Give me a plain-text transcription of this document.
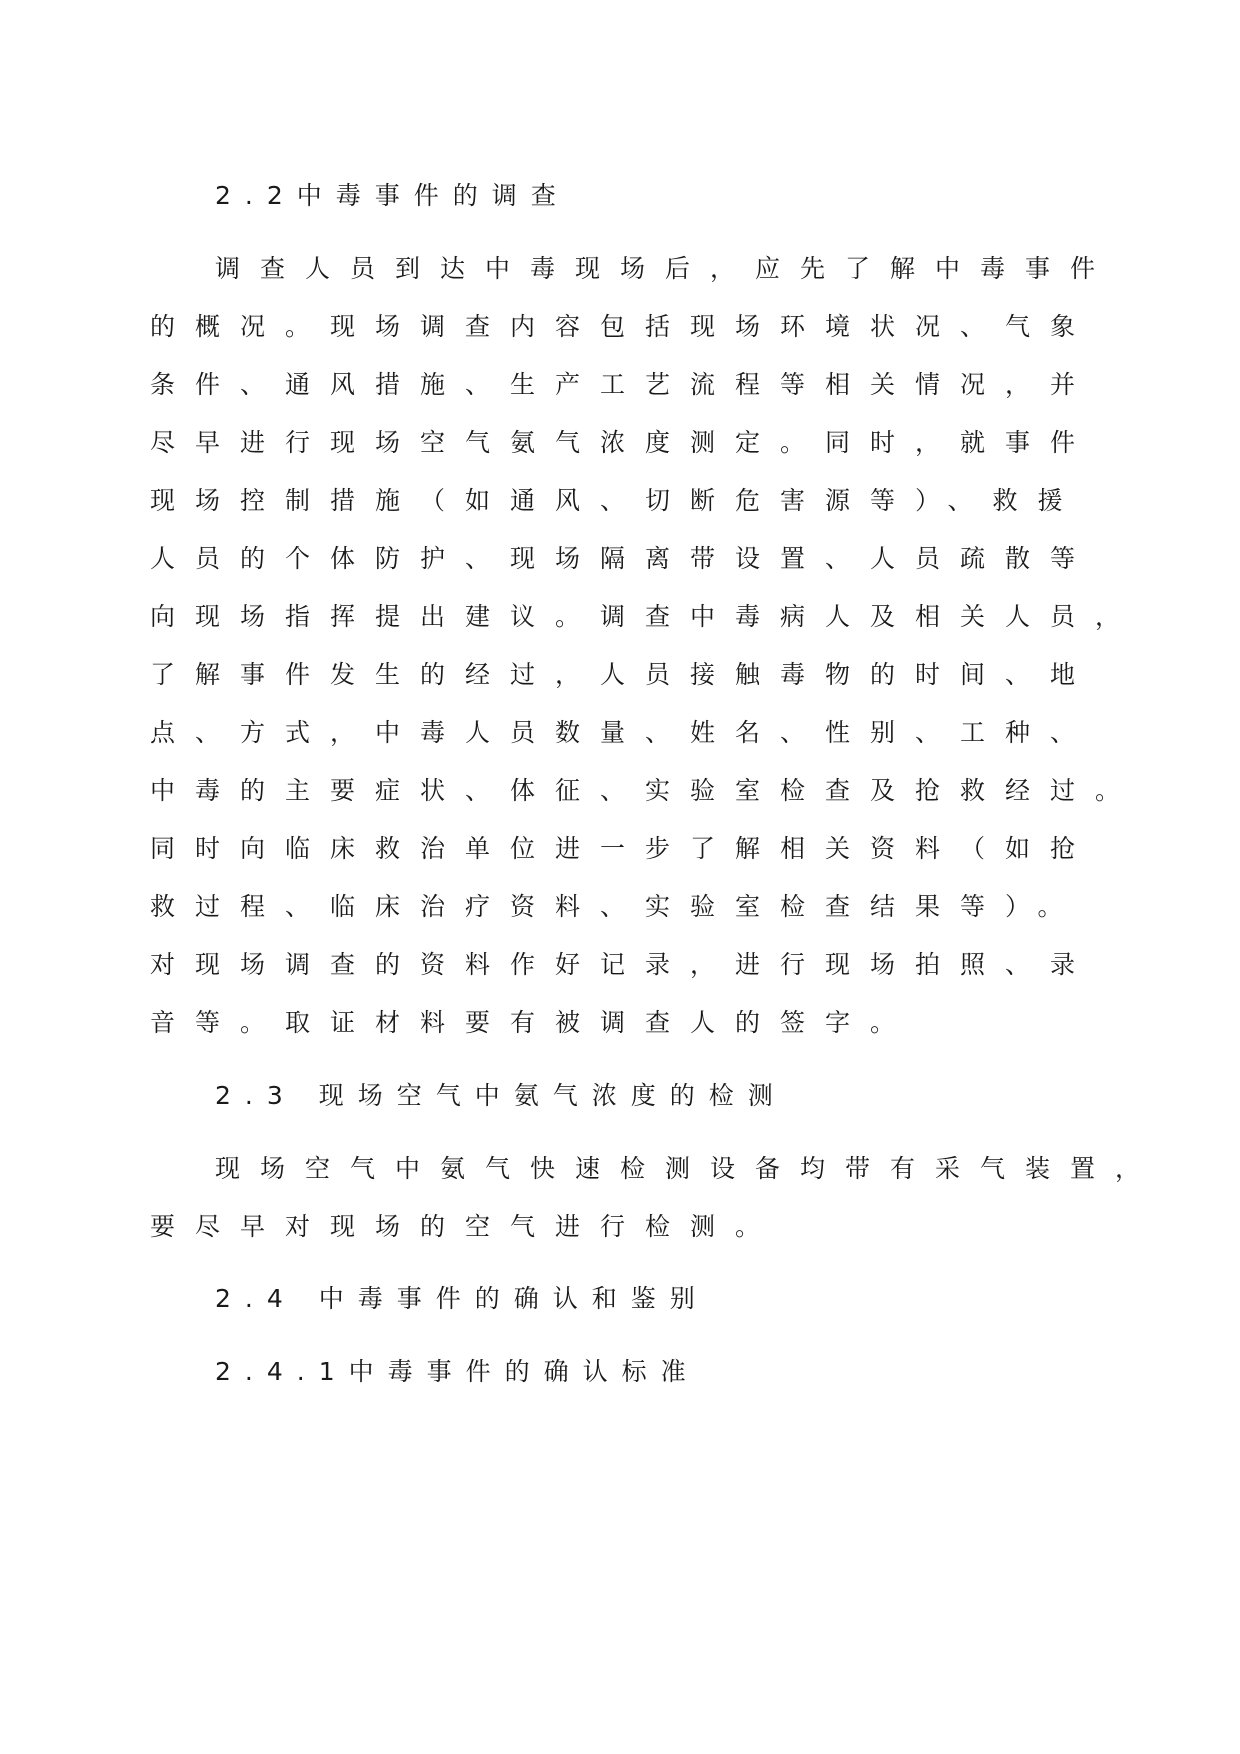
2.2中毒事件的调查
调查人员到达中毒现场后，应先了解中毒事件
的概况。现场调查内容包括现场环境状况、气象
条件、通风措施、生产工艺流程等相关情况，并
尽早进行现场空气氨气浓度测定。同时，就事件
现场控制措施（如通风、切断危害源等）、救援
人员的个体防护、现场隔离带设置、人员疏散等
向现场指挥提出建议。调查中毒病人及相关人员，
了解事件发生的经过，人员接触毒物的时间、地
点、方式，中毒人员数量、姓名、性别、工种、
中毒的主要症状、体征、实验室检查及抢救经过。
同时向临床救治单位进一步了解相关资料（如抢
救过程、临床治疗资料、实验室检查结果等）。
对现场调查的资料作好记录，进行现场拍照、录
音等。取证材料要有被调查人的签字。
2.3 现场空气中氨气浓度的检测
现场空气中氨气快速检测设备均带有采气装置，
要尽早对现场的空气进行检测。
2.4 中毒事件的确认和鉴别
2.4.1中毒事件的确认标准
